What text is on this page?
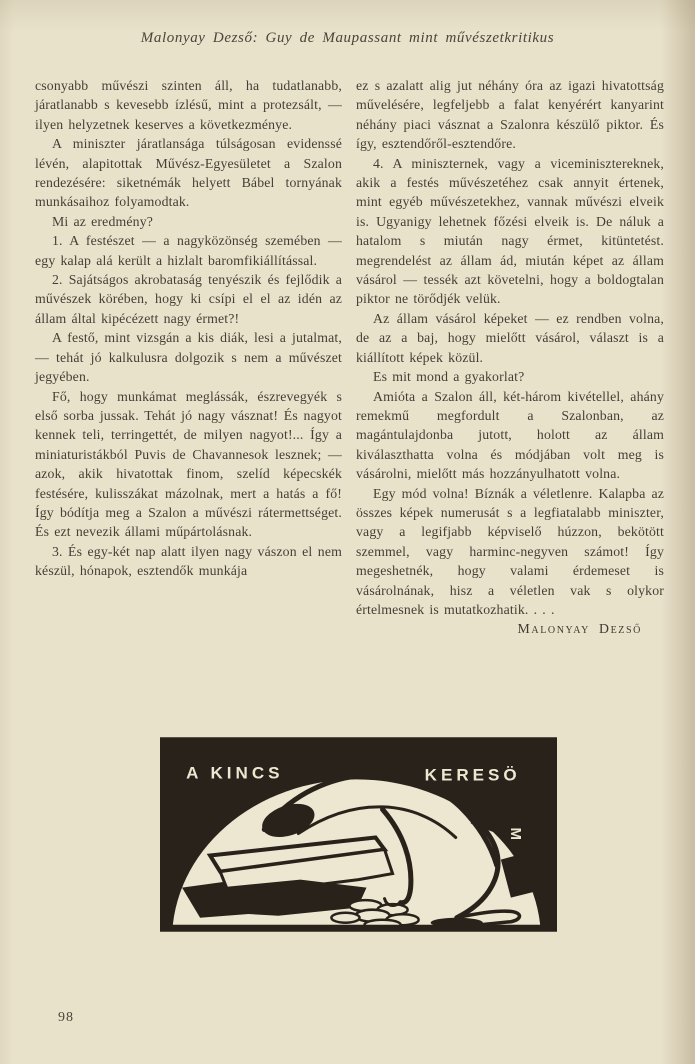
Malonyay Dezső: Guy de Maupassant mint művészetkritikus

csonyabb művészi szinten áll, ha tudatlanabb, járatlanabb s kevesebb ízlésű, mint a protezsált, — ilyen helyzetnek keserves a következménye.

A miniszter járatlansága túlságosan evidenssé lévén, alapitottak Művész-Egyesületet a Szalon rendezésére: siketnémák helyett Bábel tornyának munkásaihoz folyamodtak.

Mi az eredmény?

1. A festészet — a nagyközönség szemében — egy kalap alá került a hizlalt baromfikiállítással.

2. Sajátságos akrobataság tenyészik és fejlődik a művészek körében, hogy ki csípi el el az idén az állam által kipécézett nagy érmet?!

A festő, mint vizsgán a kis diák, lesi a jutalmat, — tehát jó kalkulusra dolgozik s nem a művészet jegyében.

Fő, hogy munkámat meglássák, észrevegyék s első sorba jussak. Tehát jó nagy vásznat! És nagyot kennek teli, terringettét, de milyen nagyot!... Így a miniaturistákból Puvis de Chavannesok lesznek; — azok, akik hivatottak finom, szelíd képecskék festésére, kulisszákat mázolnak, mert a hatás a fő! Így bódítja meg a Szalon a művészi rátermettséget. És ezt nevezik állami műpártolásnak.

3. És egy-két nap alatt ilyen nagy vászon el nem készül, hónapok, esztendők munkája

ez s azalatt alig jut néhány óra az igazi hivatottság művelésére, legfeljebb a falat kenyérért kanyarint néhány piaci vásznat a Szalonra készülő piktor. És így, esztendőről-esztendőre.

4. A miniszternek, vagy a viceminisztereknek, akik a festés művészetéhez csak annyit értenek, mint egyéb művészetekhez, vannak művészi elveik is. Ugyanigy lehetnek főzési elveik is. De náluk a hatalom s miután nagy érmet, kitüntetést. megrendelést az állam ád, miután képet az állam vásárol — tessék azt követelni, hogy a boldogtalan piktor ne törődjék velük.

Az állam vásárol képeket — ez rendben volna, de az a baj, hogy mielőtt vásárol, választ is a kiállított képek közül.

Es mit mond a gyakorlat?

Amióta a Szalon áll, két-három kivétellel, ahány remekmű megfordult a Szalonban, az magántulajdonba jutott, holott az állam kiválaszthatta volna és módjában volt meg is vásárolni, mielőtt más hozzányulhatott volna.

Egy mód volna! Bíznák a véletlenre. Kalapba az összes képek numerusát s a legfiatalabb miniszter, vagy a legifjabb képviselő húzzon, bekötött szemmel, vagy harminc-negyven számot! Így megeshetnék, hogy valami érdemeset is vásárolnának, hisz a véletlen vak s olykor értelmesnek is mutatkozhatik. . . .

Malonyay Dezső

A KINCS	KERESÖ
M
98
